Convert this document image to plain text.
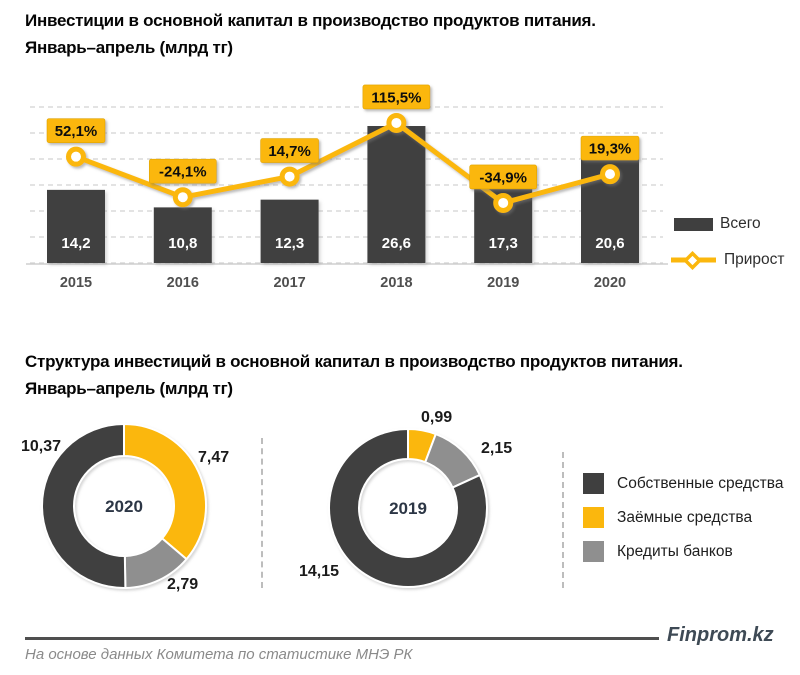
Инвестиции в основной капитал в производство продуктов питания.
Январь–апрель (млрд тг)
14,2	10,8	12,3	26,6	17,3	20,6
2015	2016	2017	2018	2019	2020
52,1%
-24,1%
14,7%
115,5%
-34,9%
19,3%
Всего
Прирост
Структура инвестиций в основной капитал в производство продуктов питания.
Январь–апрель (млрд тг)
2020
10,37
7,47
2,79
2019
0,99
2,15
14,15
Собственные средства
Заёмные средства
Кредиты банков
Finprom.kz
На основе данных Комитета по статистике МНЭ РК
